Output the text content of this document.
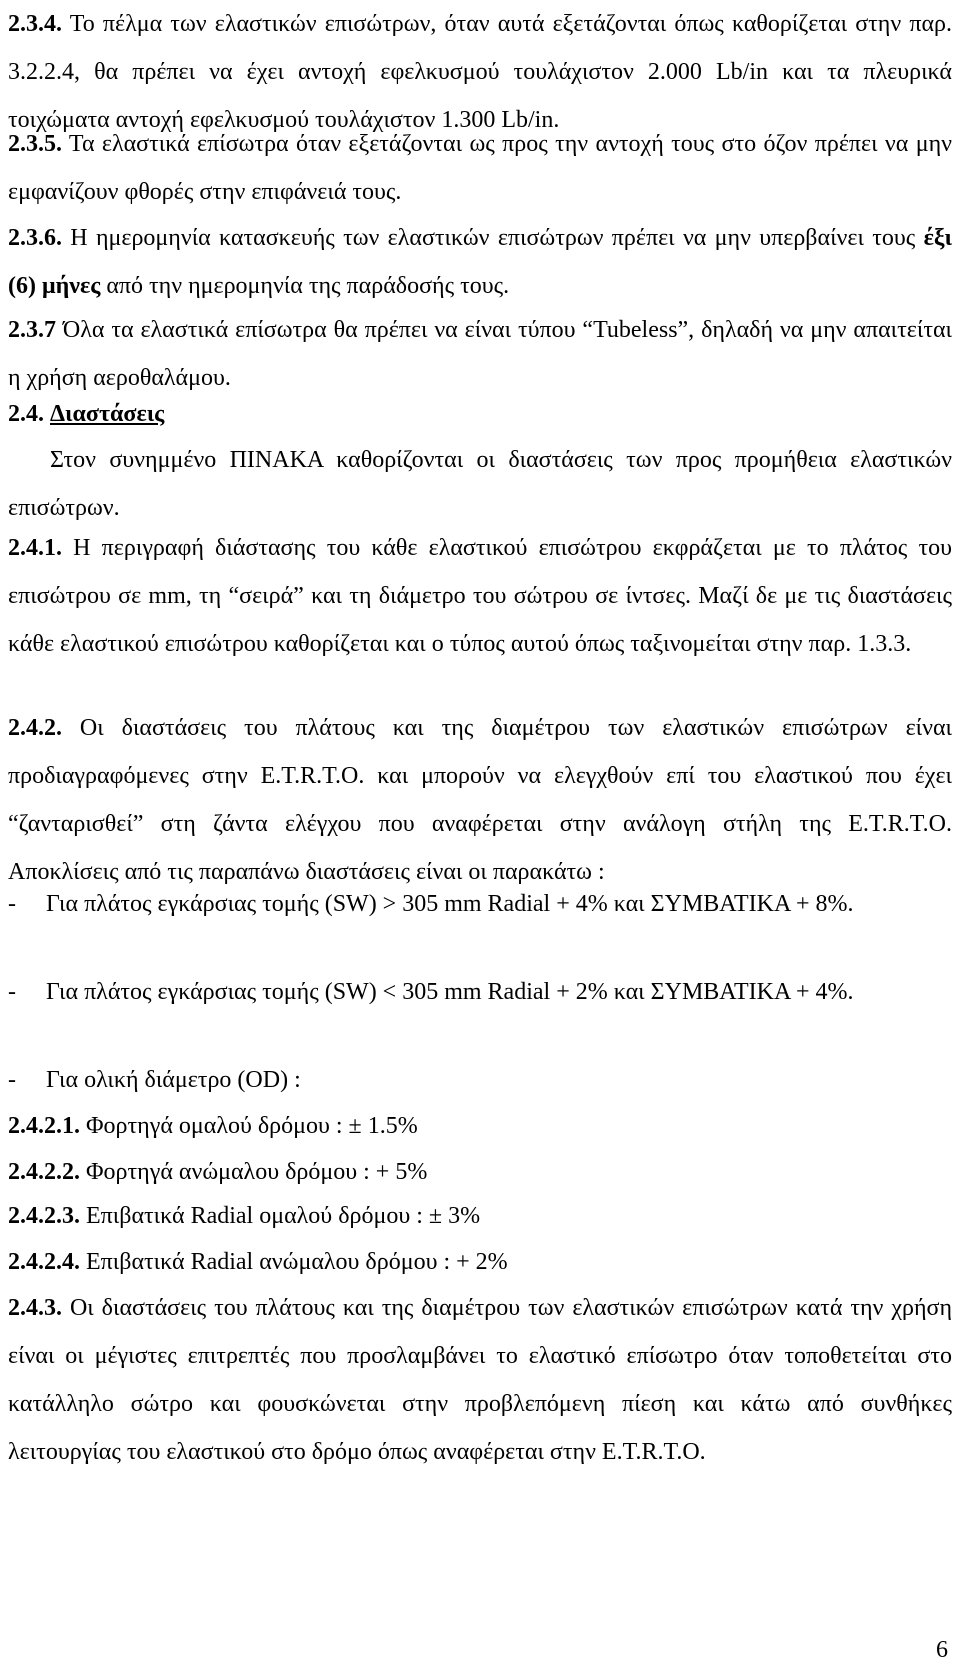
2.3.4. Το πέλμα των ελαστικών επισώτρων, όταν αυτά εξετάζονται όπως καθορίζεται στην παρ. 3.2.2.4, θα πρέπει να έχει αντοχή εφελκυσμού τουλάχιστον 2.000 Lb/in και τα πλευρικά τοιχώματα αντοχή εφελκυσμού τουλάχιστον 1.300 Lb/in.
2.3.5. Τα ελαστικά επίσωτρα όταν εξετάζονται ως προς την αντοχή τους στο όζον πρέπει να μην εμφανίζουν φθορές στην επιφάνειά τους.
2.3.6. Η ημερομηνία κατασκευής των ελαστικών επισώτρων πρέπει να μην υπερβαίνει τους έξι (6) μήνες από την ημερομηνία της παράδοσής τους.
2.3.7 Όλα τα ελαστικά επίσωτρα θα πρέπει να είναι τύπου “Tubeless”, δηλαδή να μην απαιτείται η χρήση αεροθαλάμου.
2.4. Διαστάσεις
Στον συνημμένο ΠΙΝΑΚΑ καθορίζονται οι διαστάσεις των προς προμήθεια ελαστικών επισώτρων.
2.4.1. Η περιγραφή διάστασης του κάθε ελαστικού επισώτρου εκφράζεται με το πλάτος του επισώτρου σε mm, τη “σειρά” και τη διάμετρο του σώτρου σε ίντσες. Μαζί δε με τις διαστάσεις κάθε ελαστικού επισώτρου καθορίζεται και ο τύπος αυτού όπως ταξινομείται στην παρ. 1.3.3.
2.4.2. Οι διαστάσεις του πλάτους και της διαμέτρου των ελαστικών επισώτρων είναι προδιαγραφόμενες στην E.T.R.T.O. και μπορούν να ελεγχθούν επί του ελαστικού που έχει “ζανταρισθεί” στη ζάντα ελέγχου που αναφέρεται στην ανάλογη στήλη της E.T.R.T.O. Αποκλίσεις από τις παραπάνω διαστάσεις είναι οι παρακάτω :
- Για πλάτος εγκάρσιας τομής (SW) > 305 mm Radial + 4% και ΣΥΜΒΑΤΙΚΑ + 8%.
- Για πλάτος εγκάρσιας τομής (SW) < 305 mm Radial + 2% και ΣΥΜΒΑΤΙΚΑ + 4%.
- Για ολική διάμετρο (OD) :
2.4.2.1. Φορτηγά ομαλού δρόμου : ± 1.5%
2.4.2.2. Φορτηγά ανώμαλου δρόμου : + 5%
2.4.2.3. Επιβατικά Radial ομαλού δρόμου : ± 3%
2.4.2.4. Επιβατικά Radial ανώμαλου δρόμου : + 2%
2.4.3. Οι διαστάσεις του πλάτους και της διαμέτρου των ελαστικών επισώτρων κατά την χρήση είναι οι μέγιστες επιτρεπτές που προσλαμβάνει το ελαστικό επίσωτρο όταν τοποθετείται στο κατάλληλο σώτρο και φουσκώνεται στην προβλεπόμενη πίεση και κάτω από συνθήκες λειτουργίας του ελαστικού στο δρόμο όπως αναφέρεται στην E.T.R.T.O.
6
